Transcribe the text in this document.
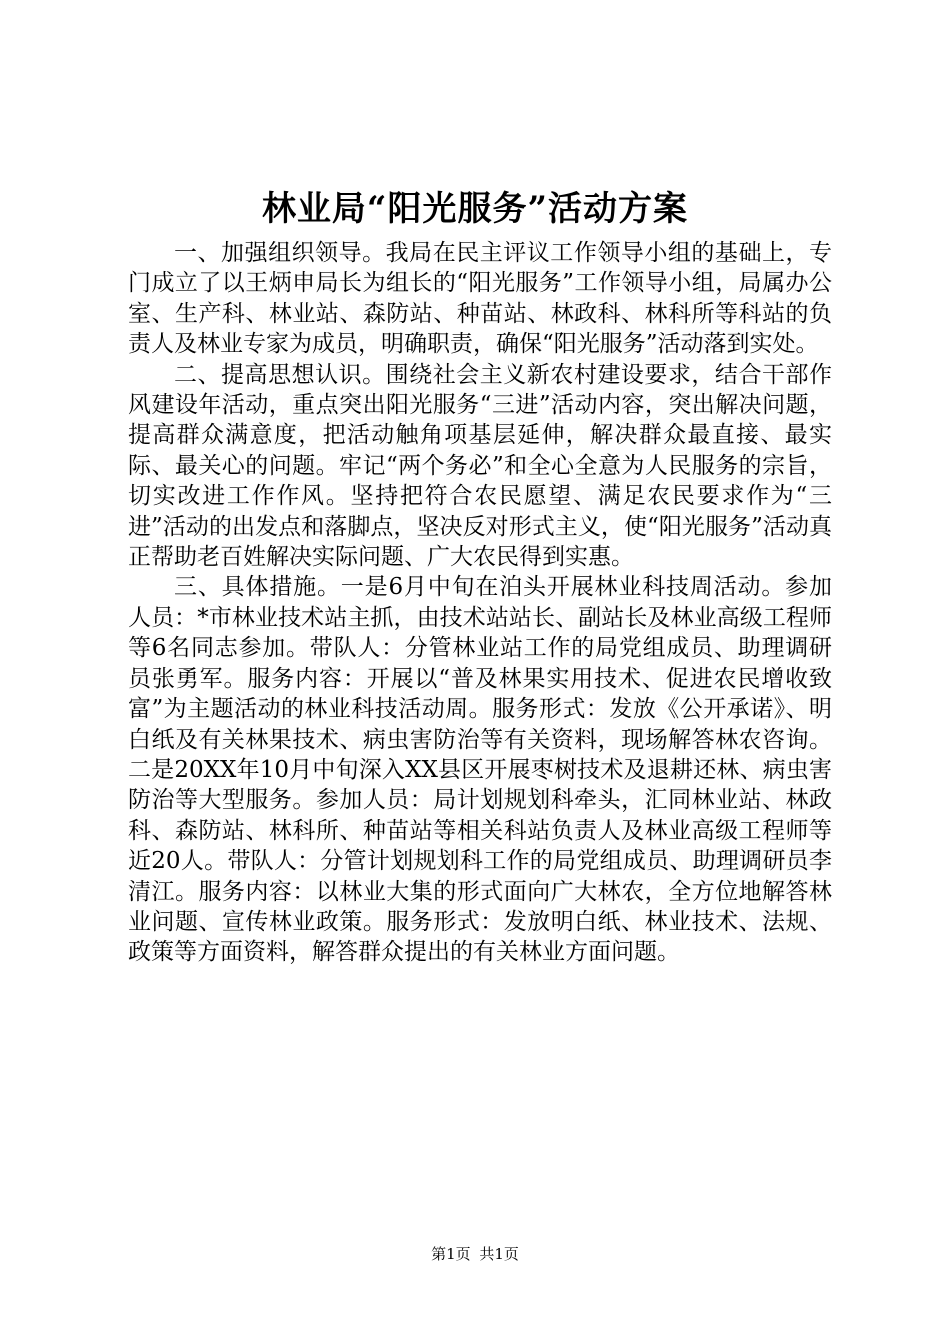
林业局“阳光服务”活动方案

一、加强组织领导。我局在民主评议工作领导小组的基础上，专门成立了以王炳申局长为组长的“阳光服务”工作领导小组，局属办公室、生产科、林业站、森防站、种苗站、林政科、林科所等科站的负责人及林业专家为成员，明确职责，确保“阳光服务”活动落到实处。

二、提高思想认识。围绕社会主义新农村建设要求，结合干部作风建设年活动，重点突出阳光服务“三进”活动内容，突出解决问题，提高群众满意度，把活动触角项基层延伸，解决群众最直接、最实际、最关心的问题。牢记“两个务必”和全心全意为人民服务的宗旨，切实改进工作作风。坚持把符合农民愿望、满足农民要求作为“三进”活动的出发点和落脚点，坚决反对形式主义，使“阳光服务”活动真正帮助老百姓解决实际问题、广大农民得到实惠。

三、具体措施。一是6月中旬在泊头开展林业科技周活动。参加人员：*市林业技术站主抓，由技术站站长、副站长及林业高级工程师等6名同志参加。带队人：分管林业站工作的局党组成员、助理调研员张勇军。服务内容：开展以“普及林果实用技术、促进农民增收致富”为主题活动的林业科技活动周。服务形式：发放《公开承诺》、明白纸及有关林果技术、病虫害防治等有关资料，现场解答林农咨询。二是20XX年10月中旬深入XX县区开展枣树技术及退耕还林、病虫害防治等大型服务。参加人员：局计划规划科牵头，汇同林业站、林政科、森防站、林科所、种苗站等相关科站负责人及林业高级工程师等近20人。带队人：分管计划规划科工作的局党组成员、助理调研员李清江。服务内容：以林业大集的形式面向广大林农，全方位地解答林业问题、宣传林业政策。服务形式：发放明白纸、林业技术、法规、政策等方面资料，解答群众提出的有关林业方面问题。

第1页 共1页
